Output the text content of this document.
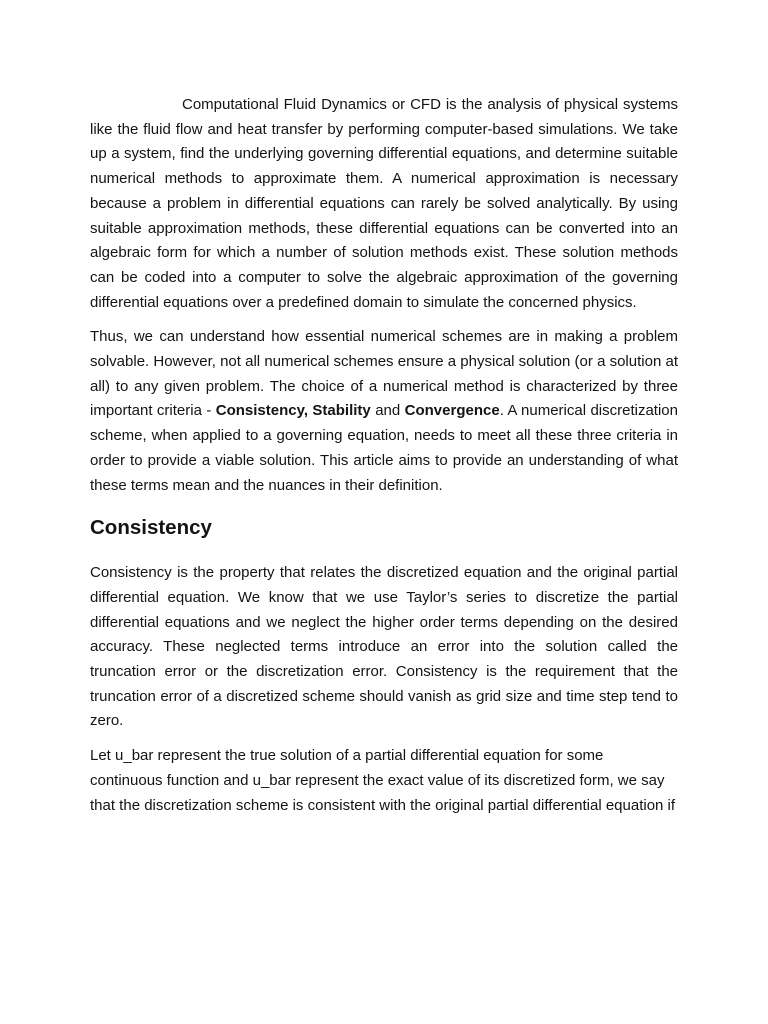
Computational Fluid Dynamics or CFD is the analysis of physical systems like the fluid flow and heat transfer by performing computer-based simulations. We take up a system, find the underlying governing differential equations, and determine suitable numerical methods to approximate them. A numerical approximation is necessary because a problem in differential equations can rarely be solved analytically. By using suitable approximation methods, these differential equations can be converted into an algebraic form for which a number of solution methods exist. These solution methods can be coded into a computer to solve the algebraic approximation of the governing differential equations over a predefined domain to simulate the concerned physics.

Thus, we can understand how essential numerical schemes are in making a problem solvable. However, not all numerical schemes ensure a physical solution (or a solution at all) to any given problem. The choice of a numerical method is characterized by three important criteria - Consistency, Stability and Convergence. A numerical discretization scheme, when applied to a governing equation, needs to meet all these three criteria in order to provide a viable solution. This article aims to provide an understanding of what these terms mean and the nuances in their definition.

Consistency

Consistency is the property that relates the discretized equation and the original partial differential equation. We know that we use Taylor’s series to discretize the partial differential equations and we neglect the higher order terms depending on the desired accuracy. These neglected terms introduce an error into the solution called the truncation error or the discretization error. Consistency is the requirement that the truncation error of a discretized scheme should vanish as grid size and time step tend to zero.

Let u_bar represent the true solution of a partial differential equation for some continuous function and u_bar represent the exact value of its discretized form, we say that the discretization scheme is consistent with the original partial differential equation if
